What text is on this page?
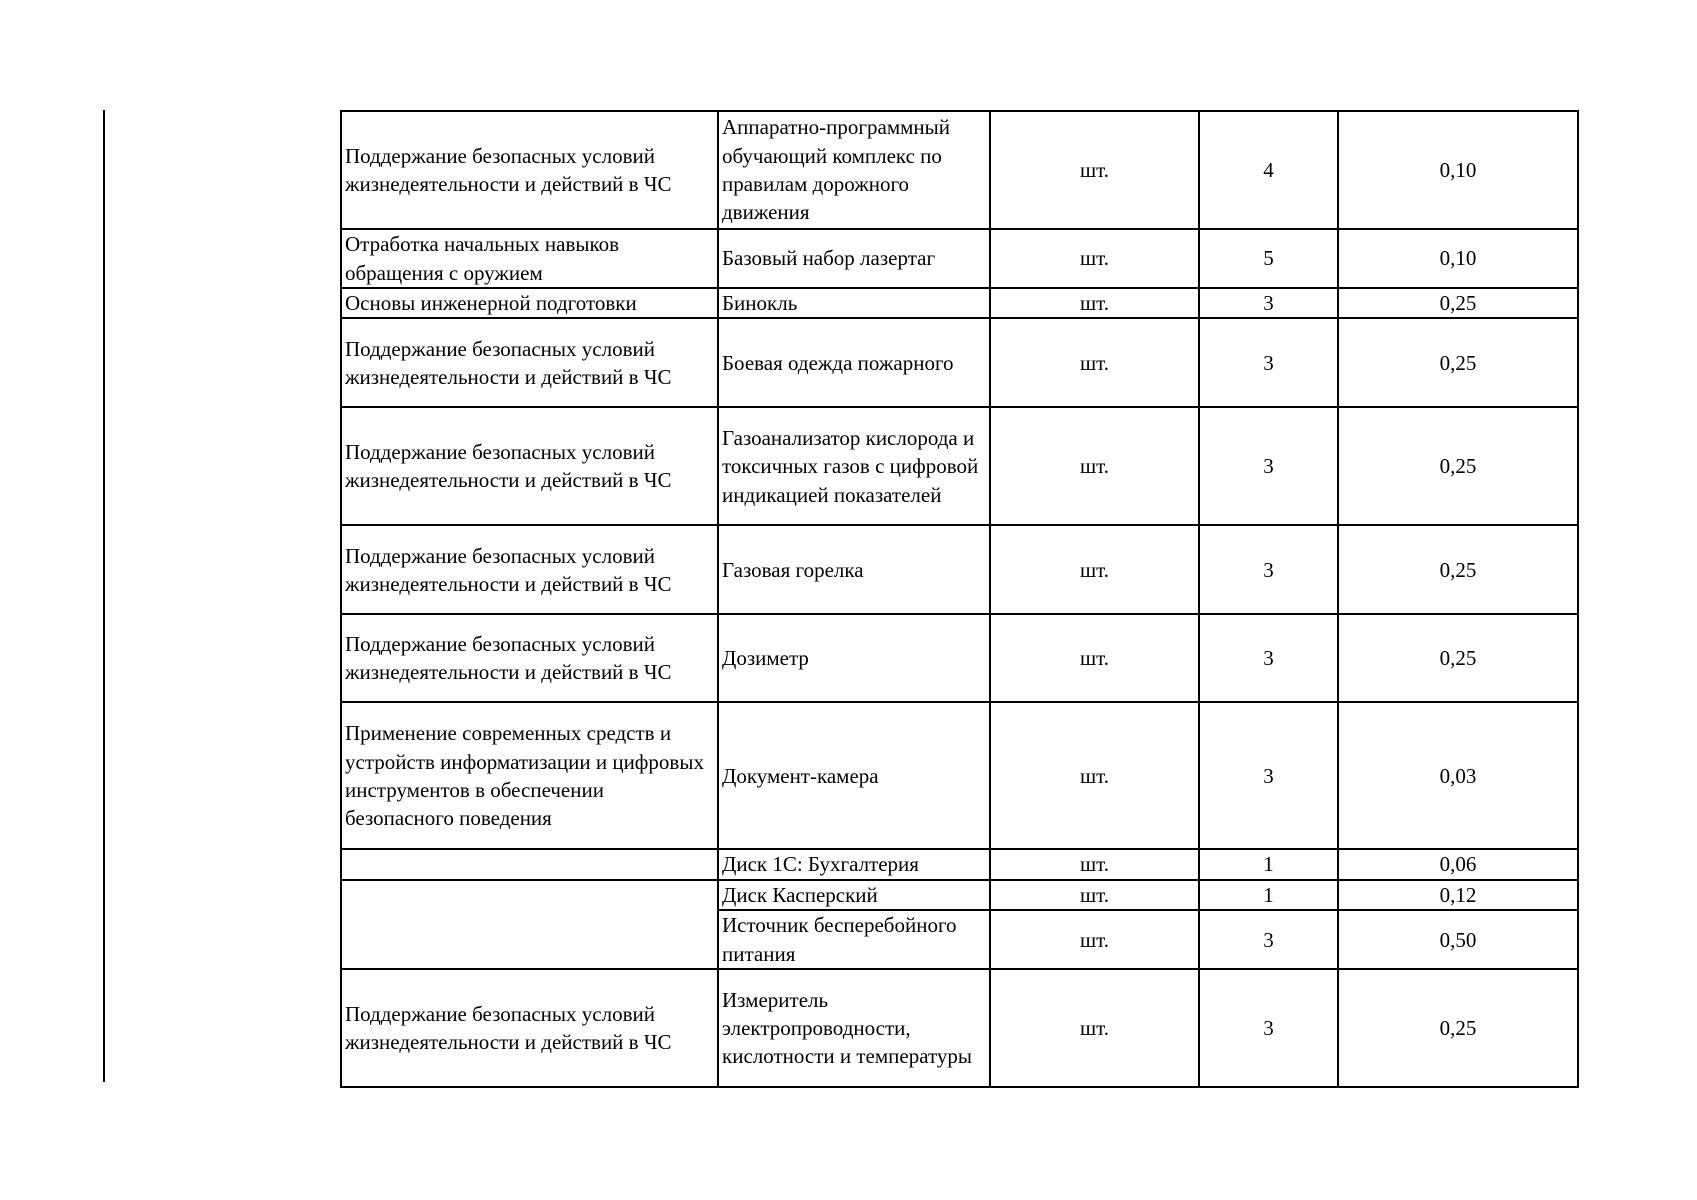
Поддержание безопасных условий жизнедеятельности и действий в ЧС	Аппаратно-программный обучающий комплекс по правилам дорожного движения	шт.	4	0,10
Отработка начальных навыков обращения с оружием	Базовый набор лазертаг	шт.	5	0,10
Основы инженерной подготовки	Бинокль	шт.	3	0,25
Поддержание безопасных условий жизнедеятельности и действий в ЧС	Боевая одежда пожарного	шт.	3	0,25
Поддержание безопасных условий жизнедеятельности и действий в ЧС	Газоанализатор кислорода и токсичных газов с цифровой индикацией показателей	шт.	3	0,25
Поддержание безопасных условий жизнедеятельности и действий в ЧС	Газовая горелка	шт.	3	0,25
Поддержание безопасных условий жизнедеятельности и действий в ЧС	Дозиметр	шт.	3	0,25
Применение современных средств и устройств информатизации и цифровых инструментов в обеспечении безопасного поведения	Документ-камера	шт.	3	0,03
	Диск 1С: Бухгалтерия	шт.	1	0,06
	Диск Касперский	шт.	1	0,12
	Источник бесперебойного питания	шт.	3	0,50
Поддержание безопасных условий жизнедеятельности и действий в ЧС	Измеритель электропроводности, кислотности и температуры	шт.	3	0,25
